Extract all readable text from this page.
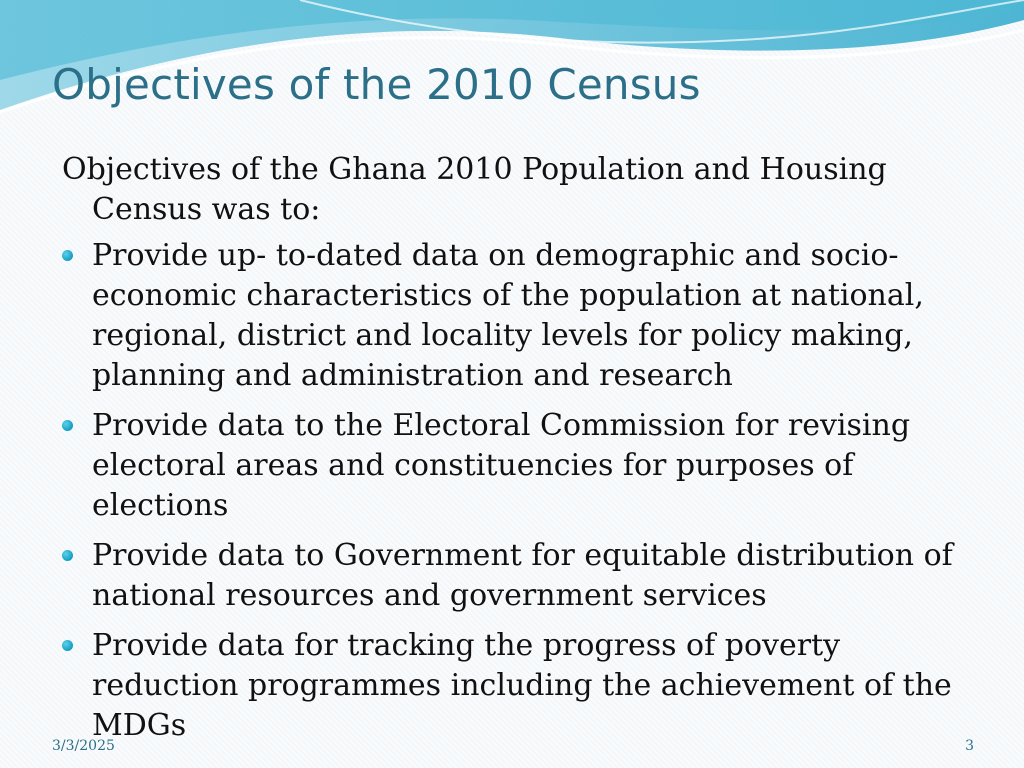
Objectives of the 2010 Census

Objectives of the Ghana 2010 Population and Housing Census was to:

Provide up- to-dated data on demographic and socio-economic characteristics of the population at national, regional, district and locality levels for policy making, planning and administration and research
Provide data to the Electoral Commission for revising electoral areas and constituencies for purposes of elections
Provide data to Government for equitable distribution of national resources and government services
Provide data for tracking the progress of poverty reduction programmes including the achievement of the MDGs
3/3/2025	3
